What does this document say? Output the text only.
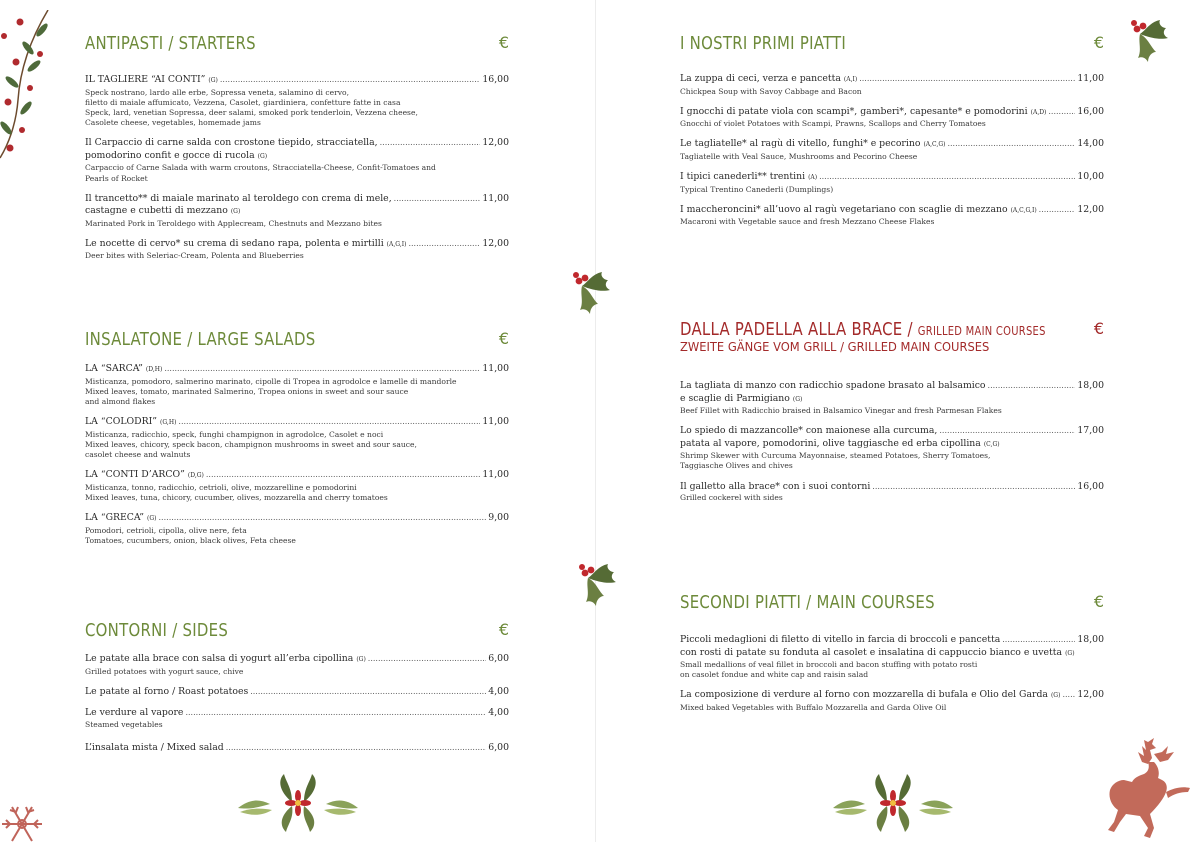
ANTIPASTI / STARTERS	€
IL TAGLIERE “AI CONTI” (G) .....	16,00
Speck nostrano, lardo alle erbe, Sopressa veneta, salamino di cervo,
filetto di maiale affumicato, Vezzena, Casolet, giardiniera, confetture fatte in casa
Speck, lard, venetian Sopressa, deer salami, smoked pork tenderloin, Vezzena cheese,
Casolete cheese, vegetables, homemade jams
Il Carpaccio di carne salda con crostone tiepido, stracciatella, .....	12,00
pomodorino confit e gocce di rucola (G)
Carpaccio of Carne Salada with warm croutons, Stracciatella-Cheese, Confit-Tomatoes and
Pearls of Rocket
Il trancetto** di maiale marinato al teroldego con crema di mele, .....	11,00
castagne e cubetti di mezzano (G)
Marinated Pork in Teroldego with Applecream, Chestnuts and Mezzano bites
Le nocette di cervo* su crema di sedano rapa, polenta e mirtilli (A,G,I) .....	12,00
Deer bites with Seleriac-Cream, Polenta and Blueberries
INSALATONE / LARGE SALADS	€
LA “SARCA” (D,H) .....	11,00
Misticanza, pomodoro, salmerino marinato, cipolle di Tropea in agrodolce e lamelle di mandorle
Mixed leaves, tomato, marinated Salmerino, Tropea onions in sweet and sour sauce
and almond flakes
LA “COLODRI” (G,H) .....	11,00
Misticanza, radicchio, speck, funghi champignon in agrodolce, Casolet e noci
Mixed leaves, chicory, speck bacon, champignon mushrooms in sweet and sour sauce,
casolet cheese and walnuts
LA “CONTI D’ARCO” (D,G) .....	11,00
Misticanza, tonno, radicchio, cetrioli, olive, mozzarelline e pomodorini
Mixed leaves, tuna, chicory, cucumber, olives, mozzarella and cherry tomatoes
LA “GRECA” (G) .....	9,00
Pomodori, cetrioli, cipolla, olive nere, feta
Tomatoes, cucumbers, onion, black olives, Feta cheese
CONTORNI / SIDES	€
Le patate alla brace con salsa di yogurt all’erba cipollina (G) .....	6,00
Grilled potatoes with yogurt sauce, chive
Le patate al forno / Roast potatoes .....	4,00
Le verdure al vapore .....	4,00
Steamed vegetables
L’insalata mista / Mixed salad .....	6,00
I NOSTRI PRIMI PIATTI	€
La zuppa di ceci, verza e pancetta (A,I) .....	11,00
Chickpea Soup with Savoy Cabbage and Bacon
I gnocchi di patate viola con scampi*, gamberi*, capesante* e pomodorini (A,D) .....	16,00
Gnocchi of violet Potatoes with Scampi, Prawns, Scallops and Cherry Tomatoes
Le tagliatelle* al ragù di vitello, funghi* e pecorino (A,C,G) .....	14,00
Tagliatelle with Veal Sauce, Mushrooms and Pecorino Cheese
I tipici canederli** trentini (A) .....	10,00
Typical Trentino Canederli (Dumplings)
I maccheroncini* all’uovo al ragù vegetariano con scaglie di mezzano (A,C,G,I) .....	12,00
Macaroni with Vegetable sauce and fresh Mezzano Cheese Flakes
DALLA PADELLA ALLA BRACE / GRILLED MAIN COURSES
ZWEITE GÄNGE VOM GRILL / GRILLED MAIN COURSES
€
La tagliata di manzo con radicchio spadone brasato al balsamico .....	18,00
e scaglie di Parmigiano (G)
Beef Fillet with Radicchio braised in Balsamico Vinegar and fresh Parmesan Flakes
Lo spiedo di mazzancolle* con maionese alla curcuma, .....	17,00
patata al vapore, pomodorini, olive taggiasche ed erba cipollina (C,G)
Shrimp Skewer with Curcuma Mayonnaise, steamed Potatoes, Sherry Tomatoes,
Taggiasche Olives and chives
Il galletto alla brace* con i suoi contorni .....	16,00
Grilled cockerel with sides
SECONDI PIATTI / MAIN COURSES	€
Piccoli medaglioni di filetto di vitello in farcia di broccoli e pancetta .....	18,00
con rosti di patate su fonduta al casolet e insalatina di cappuccio bianco e uvetta (G)
Small medallions of veal fillet in broccoli and bacon stuffing with potato rosti
on casolet fondue and white cap and raisin salad
La composizione di verdure al forno con mozzarella di bufala e Olio del Garda (G) ..... 12,00
Mixed baked Vegetables with Buffalo Mozzarella and Garda Olive Oil
